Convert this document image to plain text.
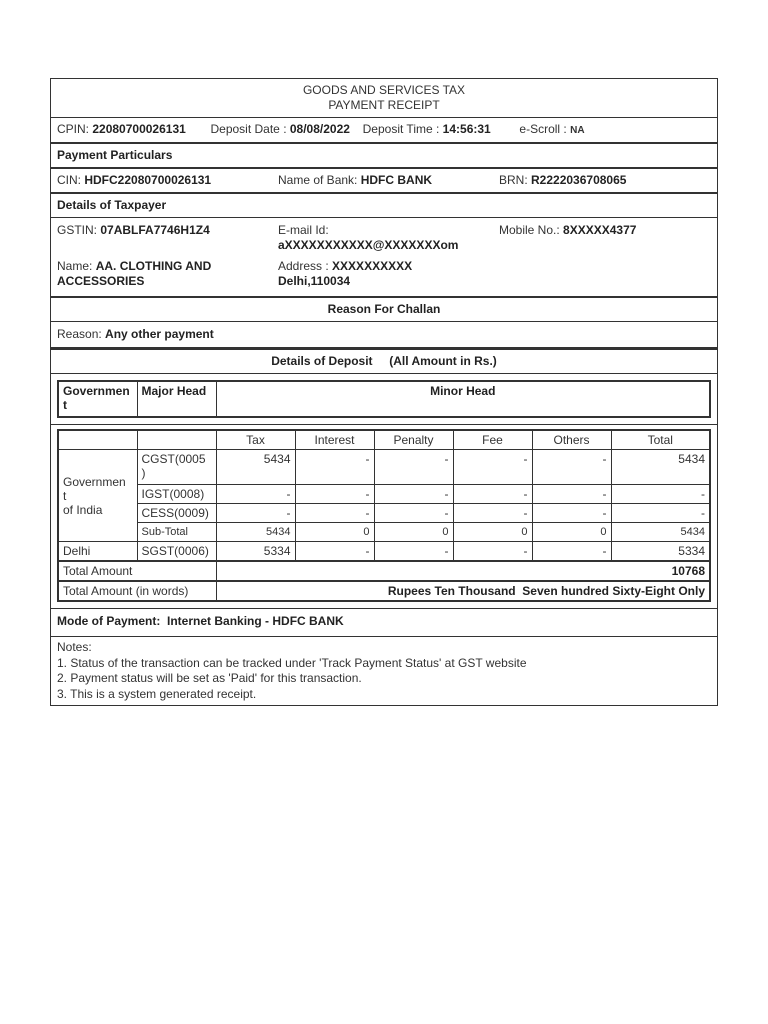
GOODS AND SERVICES TAX
PAYMENT RECEIPT
CPIN: 22080700026131 Deposit Date : 08/08/2022 Deposit Time : 14:56:31 e-Scroll : NA
Payment Particulars
CIN: HDFC22080700026131	Name of Bank: HDFC BANK	BRN: R2222036708065
Details of Taxpayer
GSTIN: 07ABLFA7746H1Z4	E-mail Id:
aXXXXXXXXXXX@XXXXXXXom
Mobile No.: 8XXXXX4377
Name: AA. CLOTHING AND
ACCESSORIES
Address : XXXXXXXXXX
Delhi,110034
Reason For Challan
Reason: Any other payment
Details of Deposit (All Amount in Rs.)
Governmen t	Major Head	Minor Head
		Tax	Interest	Penalty	Fee	Others	Total
Governmen
t
of India	CGST(0005 )	5434	-	-	-	-	5434
	IGST(0008)	-	-	-	-	-	-
	CESS(0009)	-	-	-	-	-	-
	Sub-Total	5434	0	0	0	0	5434
Delhi	SGST(0006)	5334	-	-	-	-	5334
Total Amount		10768					
Total Amount (in words)		Rupees Ten Thousand  Seven hundred Sixty-Eight Only					
Mode of Payment: Internet Banking - HDFC BANK
Notes:
1. Status of the transaction can be tracked under 'Track Payment Status' at GST website
2. Payment status will be set as 'Paid' for this transaction.
3. This is a system generated receipt.
